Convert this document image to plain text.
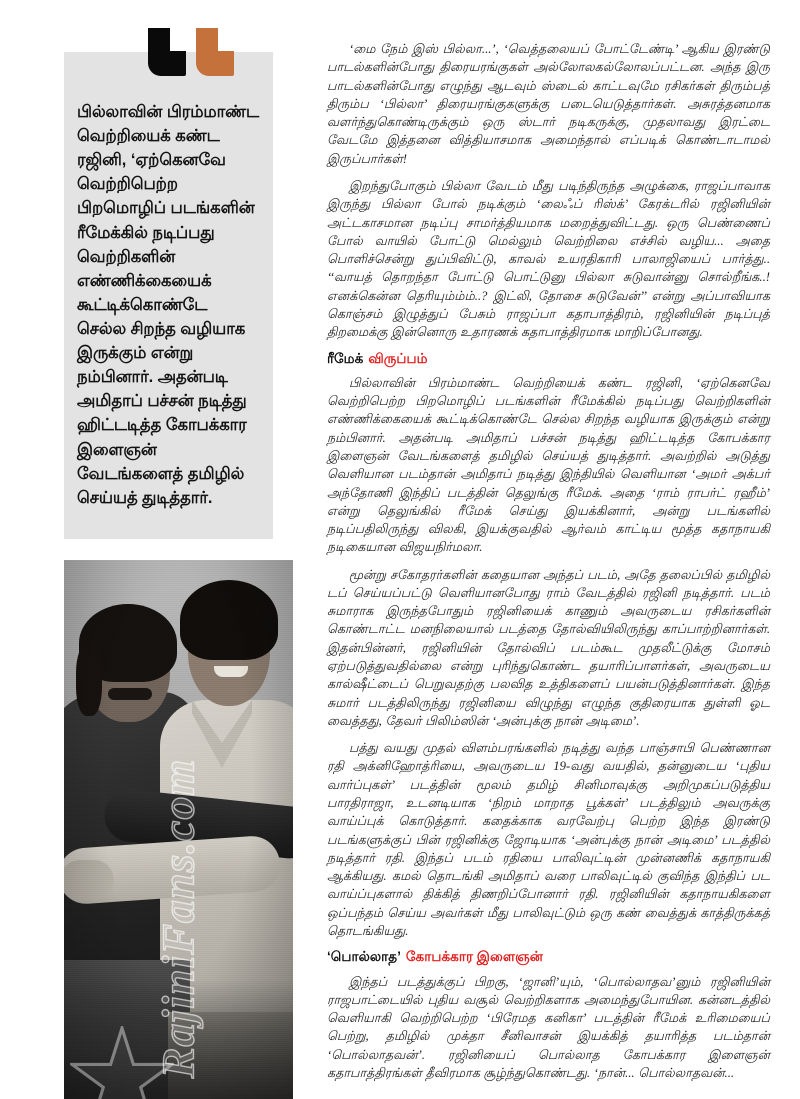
பில்லாவின் பிரம்மாண்ட வெற்றியைக் கண்ட ரஜினி, ‘ஏற்கெனவே வெற்றிபெற்ற பிறமொழிப் படங்களின் ரீமேக்கில் நடிப்பது வெற்றிகளின் எண்ணிக்கையைக் கூட்டிக்கொண்டே செல்ல சிறந்த வழியாக இருக்கும் என்று நம்பினார். அதன்படி அமிதாப் பச்சன் நடித்து ஹிட்டடித்த கோபக்கார இளைஞன் வேடங்களைத் தமிழில் செய்யத் துடித்தார்.

‘மை நேம் இஸ் பில்லா...’, ‘வெத்தலையப் போட்டேண்டி’ ஆகிய இரண்டு பாடல்களின்போது திரையரங்குகள் அல்லோலகல்லோலப்பட்டன. அந்த இரு பாடல்களின்போது எழுந்து ஆடவும் ஸ்டைல் காட்டவுமே ரசிகர்கள் திரும்பத் திரும்ப ‘பில்லா’ திரையரங்குகளுக்கு படையெடுத்தார்கள். அசுரத்தனமாக வளர்ந்துகொண்டிருக்கும் ஒரு ஸ்டார் நடிகருக்கு, முதலாவது இரட்டை வேடமே இத்தனை வித்தியாசமாக அமைந்தால் எப்படிக் கொண்டாடாமல் இருப்பார்கள்!

இறந்துபோகும் பில்லா வேடம் மீது படிந்திருந்த அழுக்கை, ராஜப்பாவாக இருந்து பில்லா போல் நடிக்கும் ‘லைஃப் ரிஸ்க்’ கேரக்டரில் ரஜினியின் அட்டகாசமான நடிப்பு சாமர்த்தியமாக மறைத்துவிட்டது. ஒரு பெண்ணைப் போல் வாயில் போட்டு மெல்லும் வெற்றிலை எச்சில் வழிய... அதை பொளிச்சென்று துப்பிவிட்டு, காவல் உயரதிகாரி பாலாஜியைப் பார்த்து.. ‘‘வாயத் தொறந்தா போட்டு பொட்டுனு பில்லா சுடுவான்னு சொல்றீங்க..! எனக்கென்ன தெரியும்ம்ம்..? இட்லி, தோசை சுடுவேன்’’ என்று அப்பாவியாக கொஞ்சம் இழுத்துப் பேசும் ராஜப்பா கதாபாத்திரம், ரஜினியின் நடிப்புத் திறமைக்கு இன்னொரு உதாரணக் கதாபாத்திரமாக மாறிப்போனது.

ரீமேக் விருப்பம்

பில்லாவின் பிரம்மாண்ட வெற்றியைக் கண்ட ரஜினி, ‘ஏற்கெனவே வெற்றிபெற்ற பிறமொழிப் படங்களின் ரீமேக்கில் நடிப்பது வெற்றிகளின் எண்ணிக்கையைக் கூட்டிக்கொண்டே செல்ல சிறந்த வழியாக இருக்கும் என்று நம்பினார். அதன்படி அமிதாப் பச்சன் நடித்து ஹிட்டடித்த கோபக்கார இளைஞன் வேடங்களைத் தமிழில் செய்யத் துடித்தார். அவற்றில் அடுத்து வெளியான படம்தான் அமிதாப் நடித்து இந்தியில் வெளியான ‘அமர் அக்பர் அந்தோணி இந்திப் படத்தின் தெலுங்கு ரீமேக். அதை ‘ராம் ராபர்ட் ரஹீம்’ என்று தெலுங்கில் ரீமேக் செய்து இயக்கினார், அன்று படங்களில் நடிப்பதிலிருந்து விலகி, இயக்குவதில் ஆர்வம் காட்டிய மூத்த கதாநாயகி நடிகையான விஜயநிர்மலா.

மூன்று சகோதரர்களின் கதையான அந்தப் படம், அதே தலைப்பில் தமிழில் டப் செய்யப்பட்டு வெளியானபோது ராம் வேடத்தில் ரஜினி நடித்தார். படம் சுமாராக இருந்தபோதும் ரஜினியைக் காணும் அவருடைய ரசிகர்களின் கொண்டாட்ட மனநிலையால் படத்தை தோல்வியிலிருந்து காப்பாற்றினார்கள். இதன்பின்னர், ரஜினியின் தோல்விப் படம்கூட முதலீட்டுக்கு மோசம் ஏற்படுத்துவதில்லை என்று புரிந்துகொண்ட தயாரிப்பாளர்கள், அவருடைய கால்ஷீட்டைப் பெறுவதற்கு பலவித உத்திகளைப் பயன்படுத்தினார்கள். இந்த சுமார் படத்திலிருந்து ரஜினியை விழுந்து எழுந்த குதிரையாக துள்ளி ஓட வைத்தது, தேவர் பிலிம்ஸின் ‘அன்புக்கு நான் அடிமை’.

பத்து வயது முதல் விளம்பரங்களில் நடித்து வந்த பாஞ்சாபி பெண்ணான ரதி அக்னிஹோத்ரியை, அவருடைய 19-வது வயதில், தன்னுடைய ‘புதிய வார்ப்புகள்’ படத்தின் மூலம் தமிழ் சினிமாவுக்கு அறிமுகப்படுத்திய பாரதிராஜா, உடனடியாக ‘நிறம் மாறாத பூக்கள்’ படத்திலும் அவருக்கு வாய்ப்புக் கொடுத்தார். கதைக்காக வரவேற்பு பெற்ற இந்த இரண்டு படங்களுக்குப் பின் ரஜினிக்கு ஜோடியாக ‘அன்புக்கு நான் அடிமை’ படத்தில் நடித்தார் ரதி. இந்தப் படம் ரதியை பாலிவுட்டின் முன்னணிக் கதாநாயகி ஆக்கியது. கமல் தொடங்கி அமிதாப் வரை பாலிவுட்டில் குவிந்த இந்திப் பட வாய்ப்புகளால் திக்கித் திணறிப்போனார் ரதி. ரஜினியின் கதாநாயகிகளை ஒப்பந்தம் செய்ய அவர்கள் மீது பாலிவுட்டும் ஒரு கண் வைத்துக் காத்திருக்கத் தொடங்கியது.

‘பொல்லாத’ கோபக்கார இளைஞன்

இந்தப் படத்துக்குப் பிறகு, ‘ஜானி’யும், ‘பொல்லாதவ’னும் ரஜினியின் ராஜபாட்டையில் புதிய வசூல் வெற்றிகளாக அமைந்துபோயின. கன்னடத்தில் வெளியாகி வெற்றிபெற்ற ‘பிரேமத கனிகா’ படத்தின் ரீமேக் உரிமையைப் பெற்று, தமிழில் முக்தா சீனிவாசன் இயக்கித் தயாரித்த படம்தான் ‘பொல்லாதவன்’. ரஜினியைப் பொல்லாத கோபக்கார இளைஞன் கதாபாத்திரங்கள் தீவிரமாக சூழ்ந்துகொண்டது. ‘நான்... பொல்லாதவன்...
